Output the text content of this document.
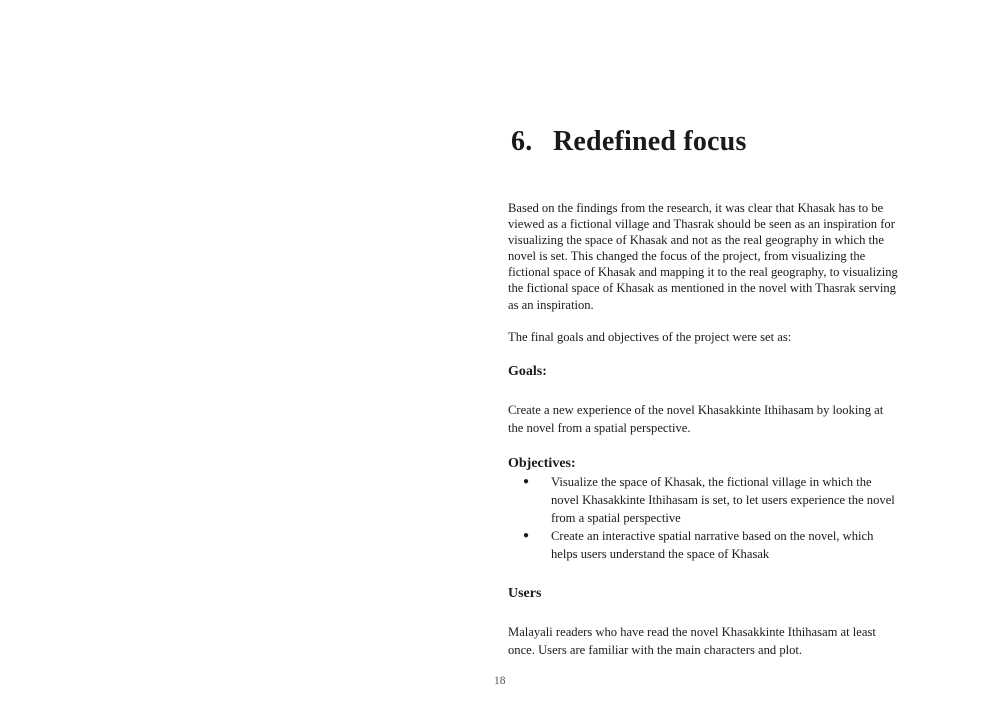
6. Redefined focus

Based on the findings from the research, it was clear that Khasak has to be viewed as a fictional village and Thasrak should be seen as an inspiration for visualizing the space of Khasak and not as the real geography in which the novel is set. This changed the focus of the project, from visualizing the fictional space of Khasak and mapping it to the real geography, to visualizing the fictional space of Khasak as mentioned in the novel with Thasrak serving as an inspiration.

The final goals and objectives of the project were set as:

Goals:

Create a new experience of the novel Khasakkinte Ithihasam by looking at the novel from a spatial perspective.

Objectives:
● Visualize the space of Khasak, the fictional village in which the novel Khasakkinte Ithihasam is set, to let users experience the novel from a spatial perspective
● Create an interactive spatial narrative based on the novel, which helps users understand the space of Khasak
Users

Malayali readers who have read the novel Khasakkinte Ithihasam at least once. Users are familiar with the main characters and plot.

18
